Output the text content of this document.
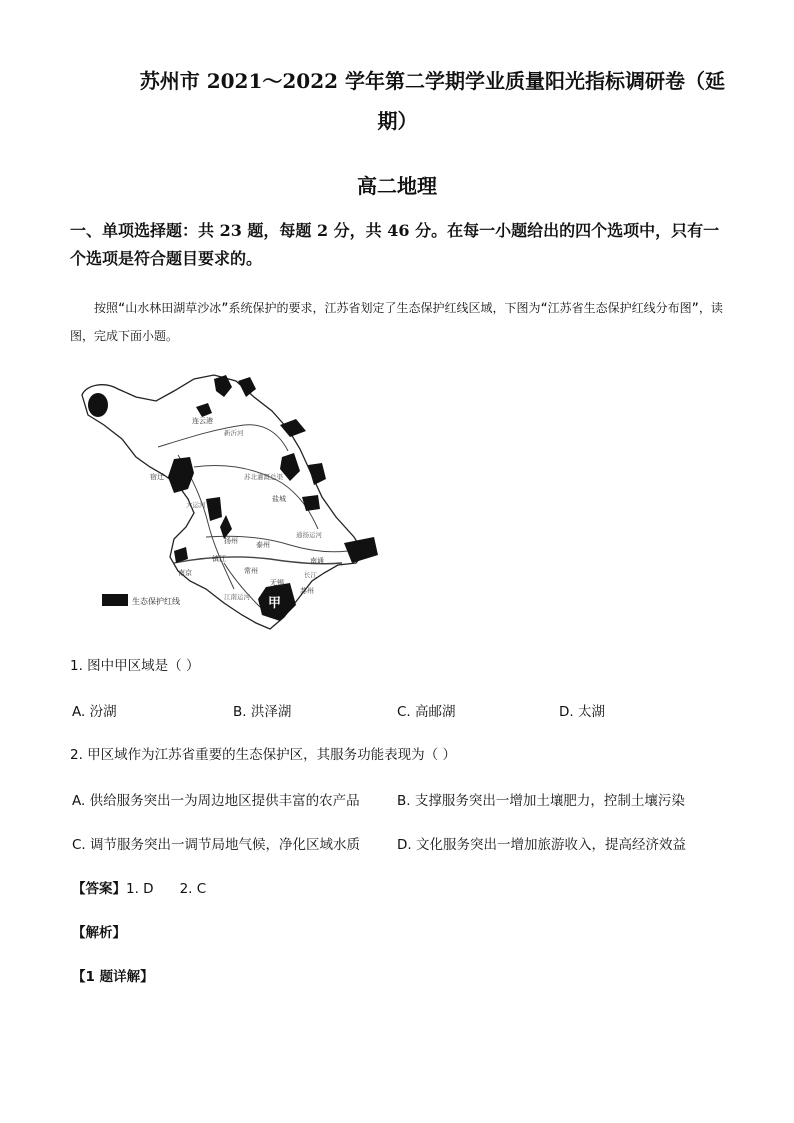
苏州市 2021～2022 学年第二学期学业质量阳光指标调研卷（延
期）
高二地理
一、单项选择题：共 23 题，每题 2 分，共 46 分。在每一小题给出的四个选项中，只有一个选项是符合题目要求的。
按照“山水林田湖草沙冰”系统保护的要求，江苏省划定了生态保护红线区域，下图为“江苏省生态保护红线分布图”，读图，完成下面小题。
连云港
宿迁
盐城
扬州	泰州
镇江
南京	常州
无锡
苏州
南通
新沂河
大运河
苏北灌溉总渠
通扬运河
长江
江南运河 甲
生态保护红线
1. 图中甲区域是（ ）
A. 汾湖	B. 洪泽湖	C. 高邮湖	D. 太湖
2. 甲区域作为江苏省重要的生态保护区，其服务功能表现为（ ）
A. 供给服务突出一为周边地区提供丰富的农产品	B. 支撑服务突出一增加土壤肥力，控制土壤污染
C. 调节服务突出一调节局地气候，净化区域水质	D. 文化服务突出一增加旅游收入，提高经济效益
【答案】1. D 2. C
【解析】
【1 题详解】
